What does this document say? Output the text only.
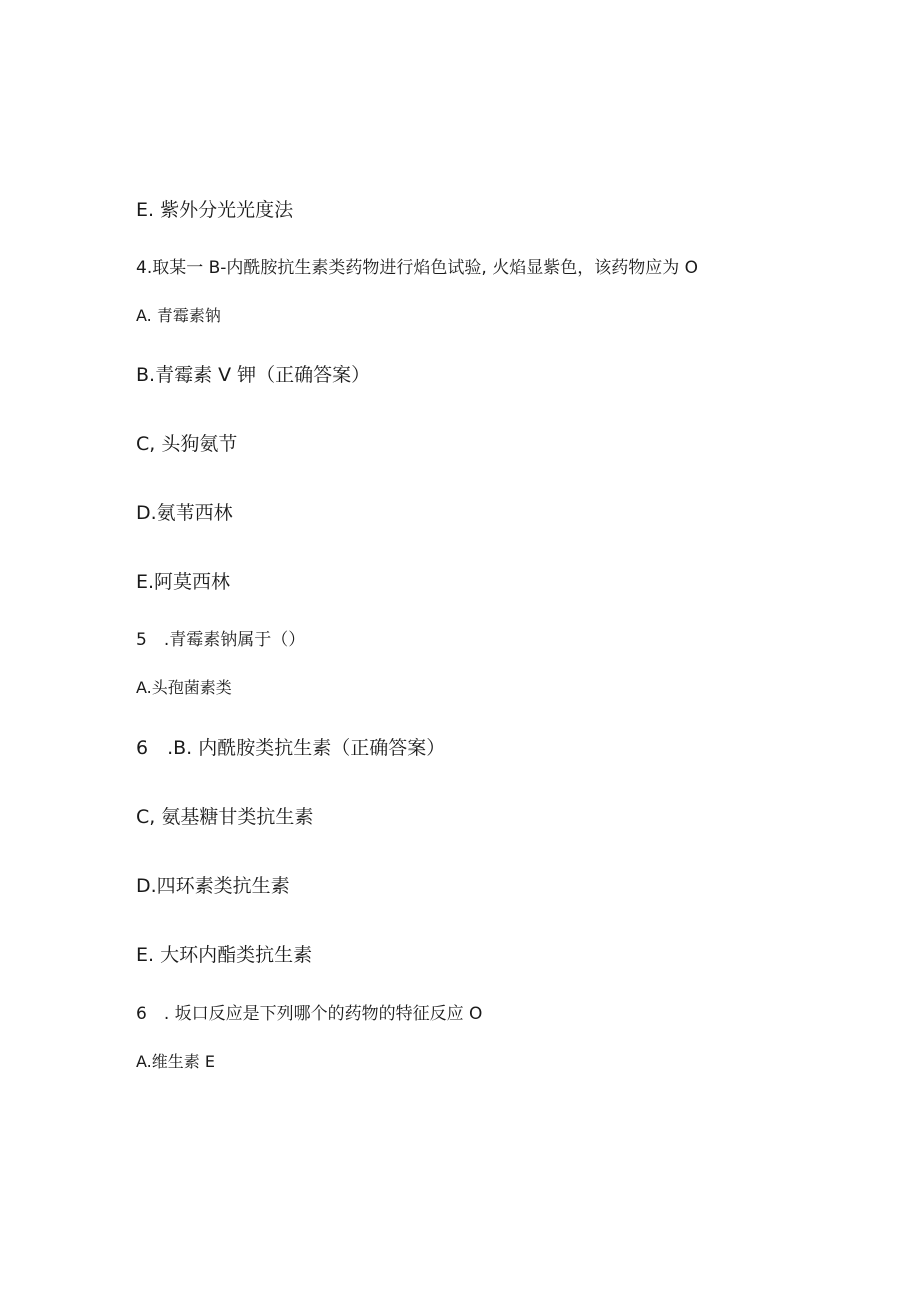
E. 紫外分光光度法

4.取某一 B-内酰胺抗生素类药物进行焰色试验, 火焰显紫色，该药物应为 O

A. 青霉素钠

B.青霉素 V 钾（正确答案）

C, 头狗氨节

D.氨苇西林

E.阿莫西林

5　.青霉素钠属于（）

A.头孢菌素类

6　.B. 内酰胺类抗生素（正确答案）

C, 氨基糖甘类抗生素

D.四环素类抗生素

E. 大环内酯类抗生素

6　. 坂口反应是下列哪个的药物的特征反应 O

A.维生素 E
